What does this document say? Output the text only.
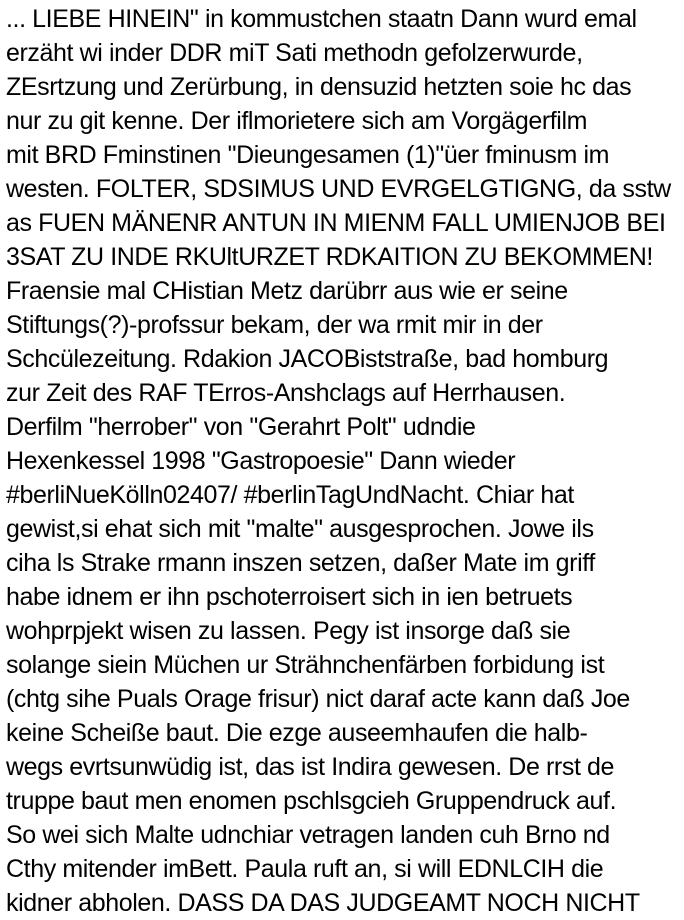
... LIEBE HINEIN" in kommustchen staatn Dann wurd emal
erzäht wi inder DDR miT Sati methodn gefolzerwurde,
ZEsrtzung und Zerürbung, in densuzid hetzten soie hc das
nur zu git kenne. Der iflmorietere sich am Vorgägerfilm
mit BRD Fminstinen "Dieungesamen (1)"üer fminusm im
westen. FOLTER, SDSIMUS UND EVRGELGTIGNG, da sstw
as FUEN MÄNENR ANTUN IN MIENM FALL UMIENJOB BEI
3SAT ZU INDE RKUltURZET RDKAITION ZU BEKOMMEN!
Fraensie mal CHistian Metz darübrr aus wie er seine
Stiftungs(?)-profssur bekam, der wa rmit mir in der
Schcülezeitung. Rdakion JACOBiststraße, bad homburg
zur Zeit des RAF TErros-Anshclags auf Herrhausen.
Derfilm "herrober" von "Gerahrt Polt" udndie
Hexenkessel 1998 "Gastropoesie" Dann wieder
#berliNueKölln02407/ #berlinTagUndNacht. Chiar hat
gewist,si ehat sich mit "malte" ausgesprochen. Jowe ils
ciha ls Strake rmann inszen setzen, daßer Mate im griff
habe idnem er ihn pschoterroisert sich in ien betruets
wohprpjekt wisen zu lassen. Pegy ist insorge daß sie
solange siein Müchen ur Strähnchenfärben forbidung ist
(chtg sihe Puals Orage frisur) nict daraf acte kann daß Joe
keine Scheiße baut. Die ezge auseemhaufen die halb-
wegs evrtsunwüdig ist, das ist Indira gewesen. De rrst de
truppe baut men enomen pschlsgcieh Gruppendruck auf.
So wei sich Malte udnchiar vetragen landen cuh Brno nd
Cthy mitender imBett. Paula ruft an, si will EDNLCIH die
kidner abholen. DASS DA DAS JUDGEAMT NOCH NICHT
